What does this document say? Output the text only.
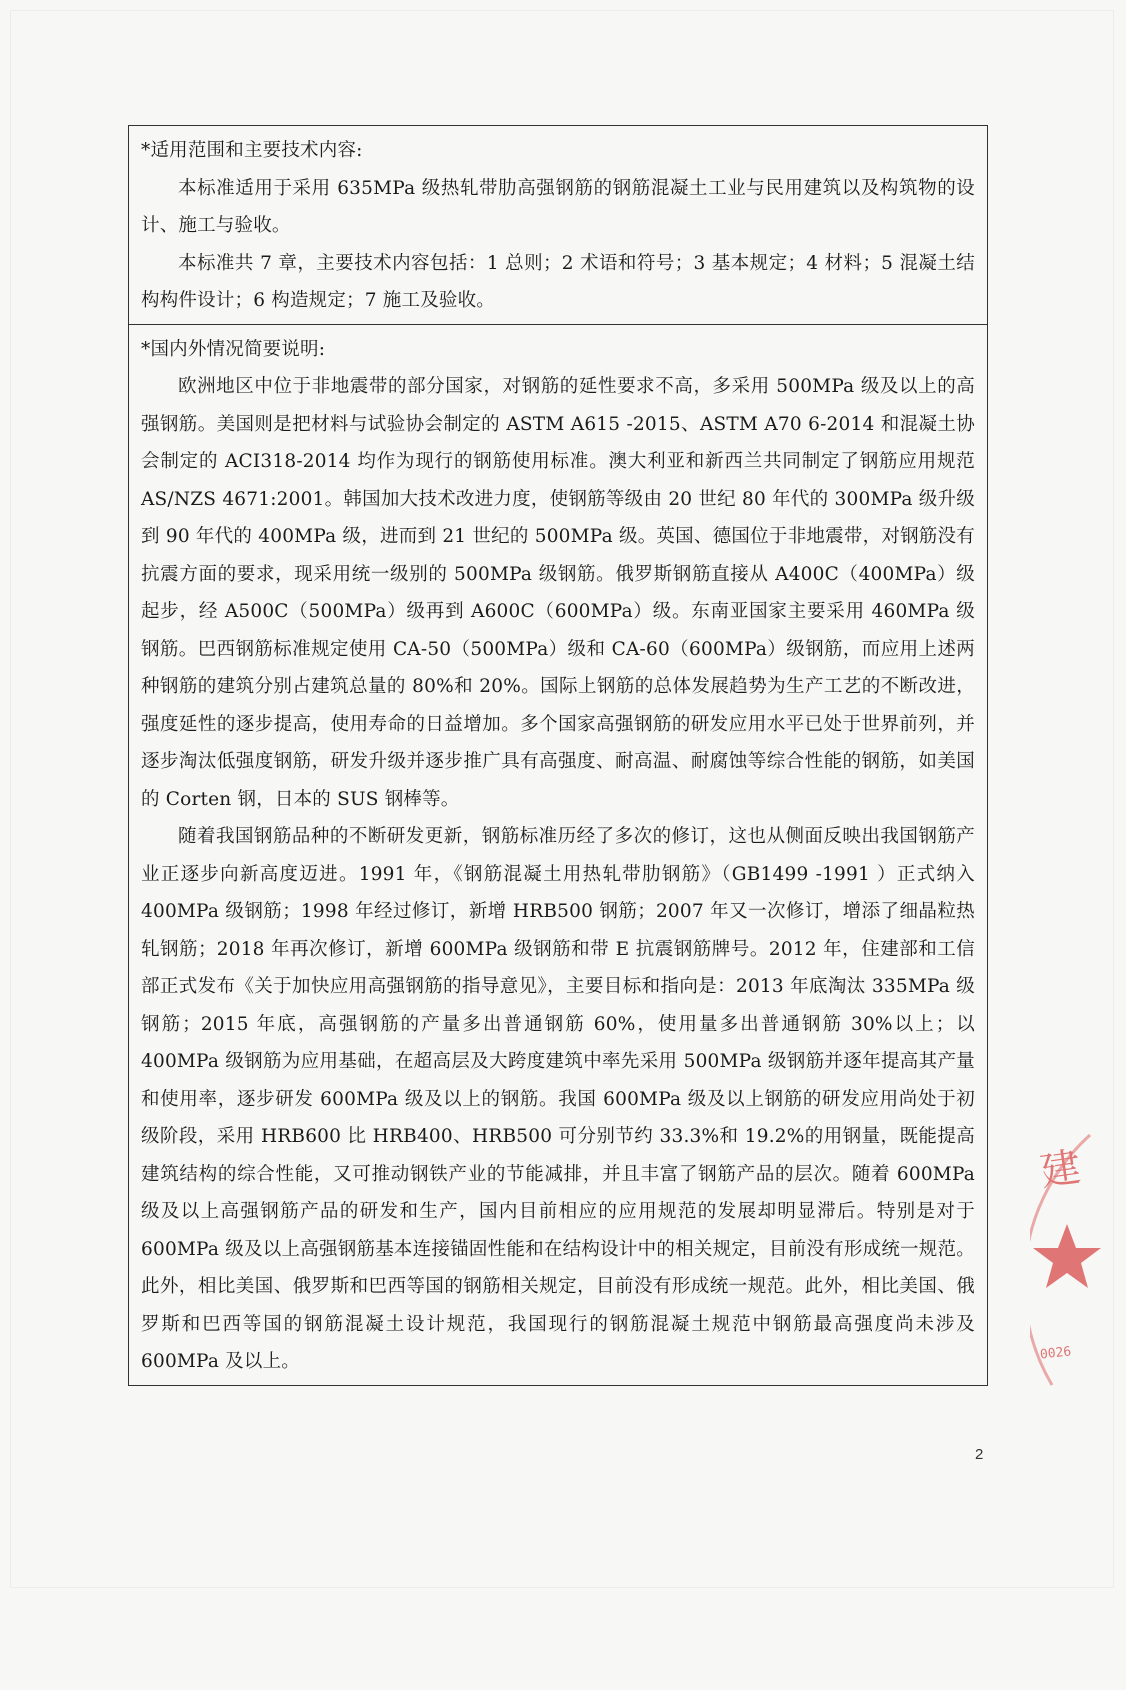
*适用范围和主要技术内容:

本标准适用于采用 635MPa 级热轧带肋高强钢筋的钢筋混凝土工业与民用建筑以及构筑物的设计、施工与验收。

本标准共 7 章，主要技术内容包括：1 总则；2 术语和符号；3 基本规定；4 材料；5 混凝土结构构件设计；6 构造规定；7 施工及验收。

*国内外情况简要说明:

欧洲地区中位于非地震带的部分国家，对钢筋的延性要求不高，多采用 500MPa 级及以上的高强钢筋。美国则是把材料与试验协会制定的 ASTM A615 -2015、ASTM A70 6-2014 和混凝土协会制定的 ACI318-2014 均作为现行的钢筋使用标准。澳大利亚和新西兰共同制定了钢筋应用规范 AS/NZS 4671:2001。韩国加大技术改进力度，使钢筋等级由 20 世纪 80 年代的 300MPa 级升级到 90 年代的 400MPa 级，进而到 21 世纪的 500MPa 级。英国、德国位于非地震带，对钢筋没有抗震方面的要求，现采用统一级别的 500MPa 级钢筋。俄罗斯钢筋直接从 A400C（400MPa）级起步，经 A500C（500MPa）级再到 A600C（600MPa）级。东南亚国家主要采用 460MPa 级钢筋。巴西钢筋标准规定使用 CA-50（500MPa）级和 CA-60（600MPa）级钢筋，而应用上述两种钢筋的建筑分别占建筑总量的 80%和 20%。国际上钢筋的总体发展趋势为生产工艺的不断改进，强度延性的逐步提高，使用寿命的日益增加。多个国家高强钢筋的研发应用水平已处于世界前列，并逐步淘汰低强度钢筋，研发升级并逐步推广具有高强度、耐高温、耐腐蚀等综合性能的钢筋，如美国的 Corten 钢，日本的 SUS 钢棒等。

随着我国钢筋品种的不断研发更新，钢筋标准历经了多次的修订，这也从侧面反映出我国钢筋产业正逐步向新高度迈进。1991 年，《钢筋混凝土用热轧带肋钢筋》（GB1499 -1991 ）正式纳入 400MPa 级钢筋；1998 年经过修订，新增 HRB500 钢筋；2007 年又一次修订，增添了细晶粒热轧钢筋；2018 年再次修订，新增 600MPa 级钢筋和带 E 抗震钢筋牌号。2012 年，住建部和工信部正式发布《关于加快应用高强钢筋的指导意见》，主要目标和指向是：2013 年底淘汰 335MPa 级钢筋；2015 年底，高强钢筋的产量多出普通钢筋 60%，使用量多出普通钢筋 30%以上；以 400MPa 级钢筋为应用基础，在超高层及大跨度建筑中率先采用 500MPa 级钢筋并逐年提高其产量和使用率，逐步研发 600MPa 级及以上的钢筋。我国 600MPa 级及以上钢筋的研发应用尚处于初级阶段，采用 HRB600 比 HRB400、HRB500 可分别节约 33.3%和 19.2%的用钢量，既能提高建筑结构的综合性能，又可推动钢铁产业的节能减排，并且丰富了钢筋产品的层次。随着 600MPa 级及以上高强钢筋产品的研发和生产，国内目前相应的应用规范的发展却明显滞后。特别是对于 600MPa 级及以上高强钢筋基本连接锚固性能和在结构设计中的相关规定，目前没有形成统一规范。此外，相比美国、俄罗斯和巴西等国的钢筋相关规定，目前没有形成统一规范。此外，相比美国、俄罗斯和巴西等国的钢筋混凝土设计规范，我国现行的钢筋混凝土规范中钢筋最高强度尚未涉及 600MPa 及以上。

2
建
0026
